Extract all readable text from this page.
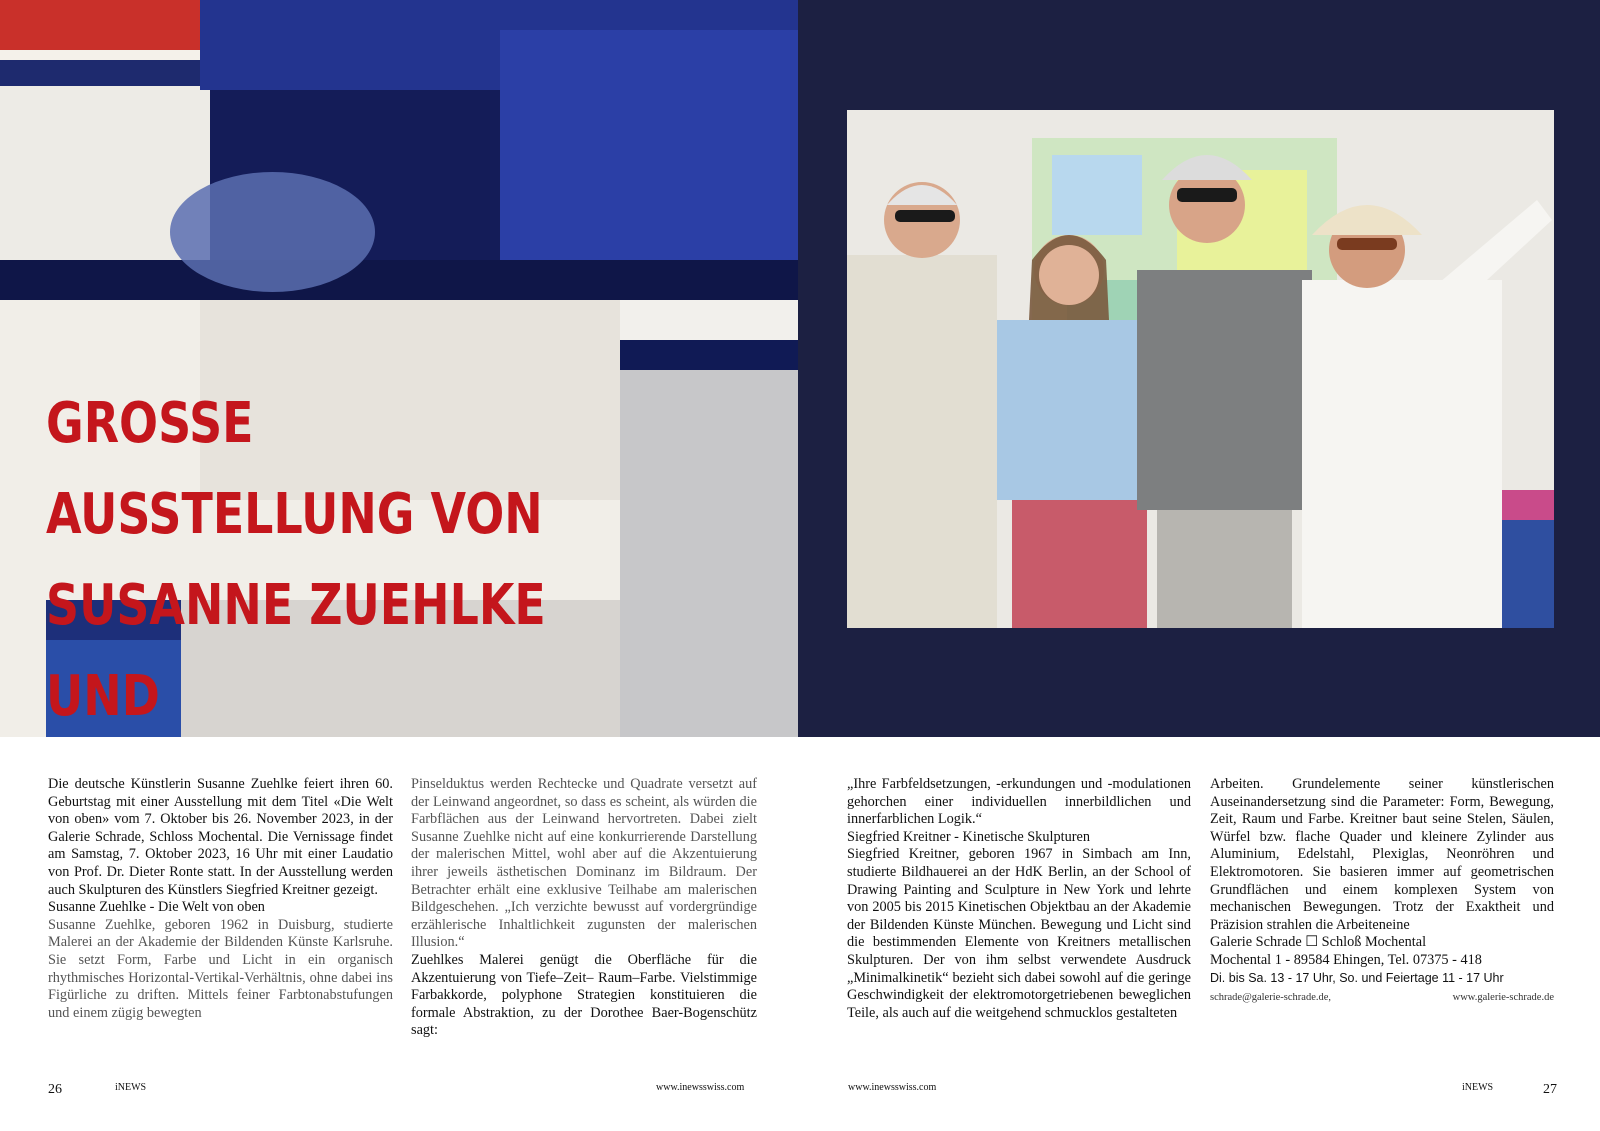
GROSSE AUSSTELLUNG VON
SUSANNE ZUEHLKE UND

Die deutsche Künstlerin Susanne Zuehlke feiert ihren 60. Geburtstag mit einer Ausstellung mit dem Titel «Die Welt von oben» vom 7. Oktober bis 26. November 2023, in der Galerie Schrade, Schloss Mochental. Die Vernissage findet am Samstag, 7. Oktober 2023, 16 Uhr mit einer Laudatio von Prof. Dr. Dieter Ronte statt. In der Ausstellung werden auch Skulpturen des Künstlers Siegfried Kreitner gezeigt.

Susanne Zuehlke - Die Welt von oben

Susanne Zuehlke, geboren 1962 in Duisburg, studierte Malerei an der Akademie der Bildenden Künste Karlsruhe. Sie setzt Form, Farbe und Licht in ein organisch rhythmisches Horizontal-Vertikal-Verhältnis, ohne dabei ins Figürliche zu driften. Mittels feiner Farbtonabstufungen und einem zügig bewegten

Pinselduktus werden Rechtecke und Quadrate versetzt auf der Leinwand angeordnet, so dass es scheint, als würden die Farbflächen aus der Leinwand hervortreten. Dabei zielt Susanne Zuehlke nicht auf eine konkurrierende Darstellung der malerischen Mittel, wohl aber auf die Akzentuierung ihrer jeweils ästhetischen Dominanz im Bildraum. Der Betrachter erhält eine exklusive Teilhabe am malerischen Bildgeschehen. „Ich verzichte bewusst auf vordergründige erzählerische Inhaltlichkeit zugunsten der malerischen Illusion.“

Zuehlkes Malerei genügt die Oberfläche für die Akzentuierung von Tiefe–Zeit– Raum–Farbe. Vielstimmige Farbakkorde, polyphone Strategien konstituieren die formale Abstraktion, zu der Dorothee Baer-Bogenschütz sagt:

„Ihre Farbfeldsetzungen, -erkundungen und -modulationen gehorchen einer individuellen innerbildlichen und innerfarblichen Logik.“

Siegfried Kreitner - Kinetische Skulpturen

Siegfried Kreitner, geboren 1967 in Simbach am Inn, studierte Bildhauerei an der HdK Berlin, an der School of Drawing Painting and Sculpture in New York und lehrte von 2005 bis 2015 Kinetischen Objektbau an der Akademie der Bildenden Künste München. Bewegung und Licht sind die bestimmenden Elemente von Kreitners metallischen Skulpturen. Der von ihm selbst verwendete Ausdruck „Minimalkinetik“ bezieht sich dabei sowohl auf die geringe Geschwindigkeit der elektromotorgetriebenen beweglichen Teile, als auch auf die weitgehend schmucklos gestalteten

Arbeiten. Grundelemente seiner künstlerischen Auseinandersetzung sind die Parameter: Form, Bewegung, Zeit, Raum und Farbe. Kreitner baut seine Stelen, Säulen, Würfel bzw. flache Quader und kleinere Zylinder aus Aluminium, Edelstahl, Plexiglas, Neonröhren und Elektromotoren. Sie basieren immer auf geometrischen Grundflächen und einem komplexen System von mechanischen Bewegungen. Trotz der Exaktheit und Präzision strahlen die Arbeiteneine

Galerie Schrade ☐ Schloß Mochental

Mochental 1 - 89584 Ehingen, Tel. 07375 - 418

Di. bis Sa. 13 - 17 Uhr, So. und Feiertage 11 - 17 Uhr

schrade@galerie-schrade.de,	www.galerie-schrade.de
26	iNEWS	www.inewsswiss.com	www.inewsswiss.com	iNEWS	27
